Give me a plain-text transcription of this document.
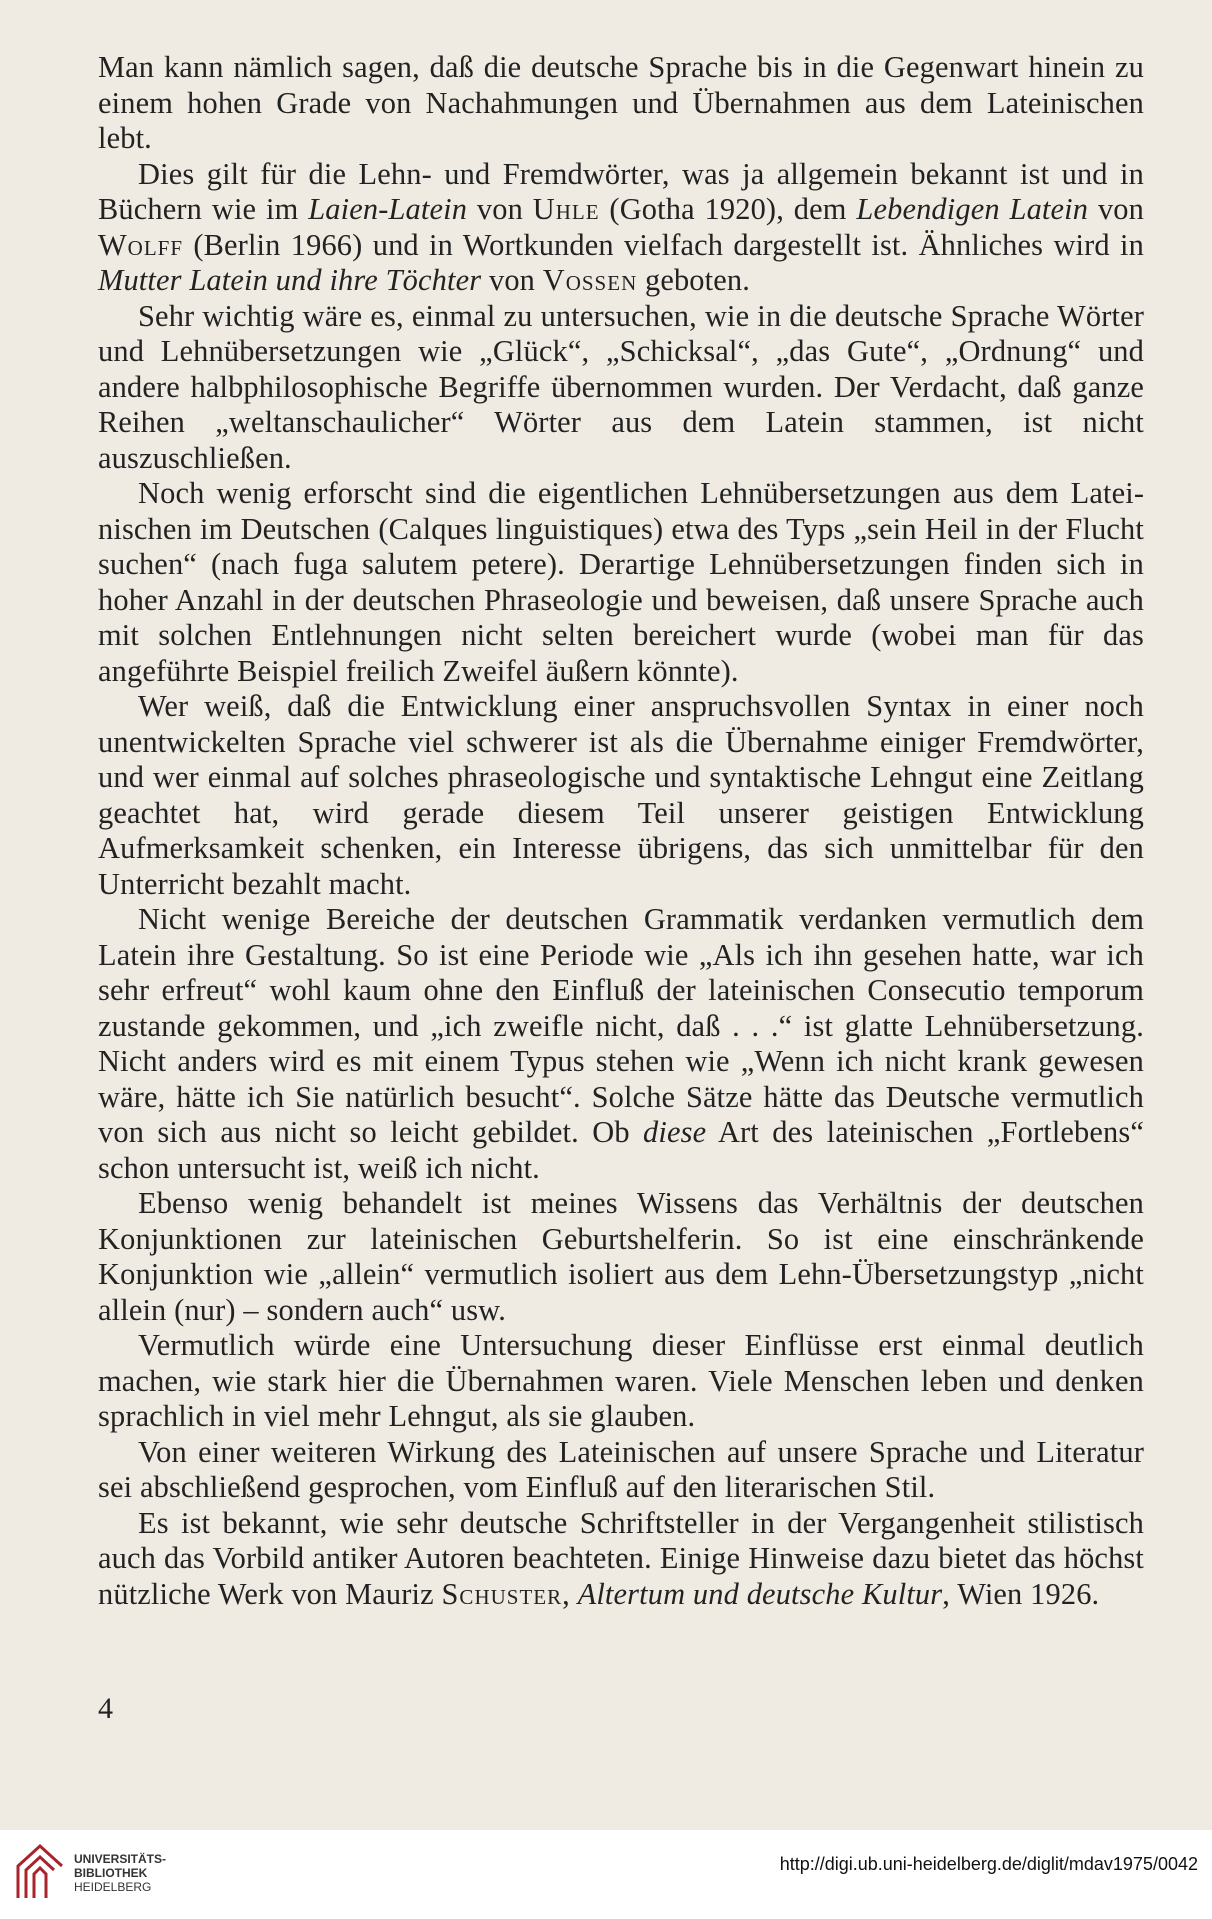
Man kann nämlich sagen, daß die deutsche Sprache bis in die Gegenwart hinein zu einem hohen Grade von Nachahmungen und Übernahmen aus dem Lateinischen lebt.

Dies gilt für die Lehn- und Fremdwörter, was ja allgemein bekannt ist und in Büchern wie im Laien-Latein von Uhle (Gotha 1920), dem Lebendigen Latein von Wolff (Berlin 1966) und in Wortkunden vielfach dargestellt ist. Ähnliches wird in Mutter Latein und ihre Töchter von Vossen geboten.

Sehr wichtig wäre es, einmal zu untersuchen, wie in die deutsche Sprache Wörter und Lehnübersetzungen wie „Glück“, „Schicksal“, „das Gute“, „Ordnung“ und andere halbphilosophische Begriffe übernommen wurden. Der Verdacht, daß ganze Reihen „weltanschaulicher“ Wörter aus dem Latein stammen, ist nicht auszuschließen.

Noch wenig erforscht sind die eigentlichen Lehnübersetzungen aus dem Lateinischen im Deutschen (Calques linguistiques) etwa des Typs „sein Heil in der Flucht suchen“ (nach fuga salutem petere). Derartige Lehnübersetzungen finden sich in hoher Anzahl in der deutschen Phraseologie und beweisen, daß unsere Sprache auch mit solchen Entlehnungen nicht selten bereichert wurde (wobei man für das angeführte Beispiel freilich Zweifel äußern könnte).

Wer weiß, daß die Entwicklung einer anspruchsvollen Syntax in einer noch unentwickelten Sprache viel schwerer ist als die Übernahme einiger Fremdwörter, und wer einmal auf solches phraseologische und syntaktische Lehngut eine Zeitlang geachtet hat, wird gerade diesem Teil unserer geistigen Entwicklung Aufmerksamkeit schenken, ein Interesse übrigens, das sich unmittelbar für den Unterricht bezahlt macht.

Nicht wenige Bereiche der deutschen Grammatik verdanken vermutlich dem Latein ihre Gestaltung. So ist eine Periode wie „Als ich ihn gesehen hatte, war ich sehr erfreut“ wohl kaum ohne den Einfluß der lateinischen Consecutio temporum zustande gekommen, und „ich zweifle nicht, daß . . .“ ist glatte Lehnübersetzung. Nicht anders wird es mit einem Typus stehen wie „Wenn ich nicht krank gewesen wäre, hätte ich Sie natürlich besucht“. Solche Sätze hätte das Deutsche vermutlich von sich aus nicht so leicht gebildet. Ob diese Art des lateinischen „Fortlebens“ schon untersucht ist, weiß ich nicht.

Ebenso wenig behandelt ist meines Wissens das Verhältnis der deutschen Konjunktionen zur lateinischen Geburtshelferin. So ist eine einschränkende Konjunktion wie „allein“ vermutlich isoliert aus dem Lehn-Übersetzungstyp „nicht allein (nur) – sondern auch“ usw.

Vermutlich würde eine Untersuchung dieser Einflüsse erst einmal deutlich machen, wie stark hier die Übernahmen waren. Viele Menschen leben und denken sprachlich in viel mehr Lehngut, als sie glauben.

Von einer weiteren Wirkung des Lateinischen auf unsere Sprache und Literatur sei abschließend gesprochen, vom Einfluß auf den literarischen Stil.

Es ist bekannt, wie sehr deutsche Schriftsteller in der Vergangenheit stilistisch auch das Vorbild antiker Autoren beachteten. Einige Hinweise dazu bietet das höchst nützliche Werk von Mauriz Schuster, Altertum und deutsche Kultur, Wien 1926.

4
UNIVERSITÄTS-
BIBLIOTHEK
HEIDELBERG
http://digi.ub.uni-heidelberg.de/diglit/mdav1975/0042
